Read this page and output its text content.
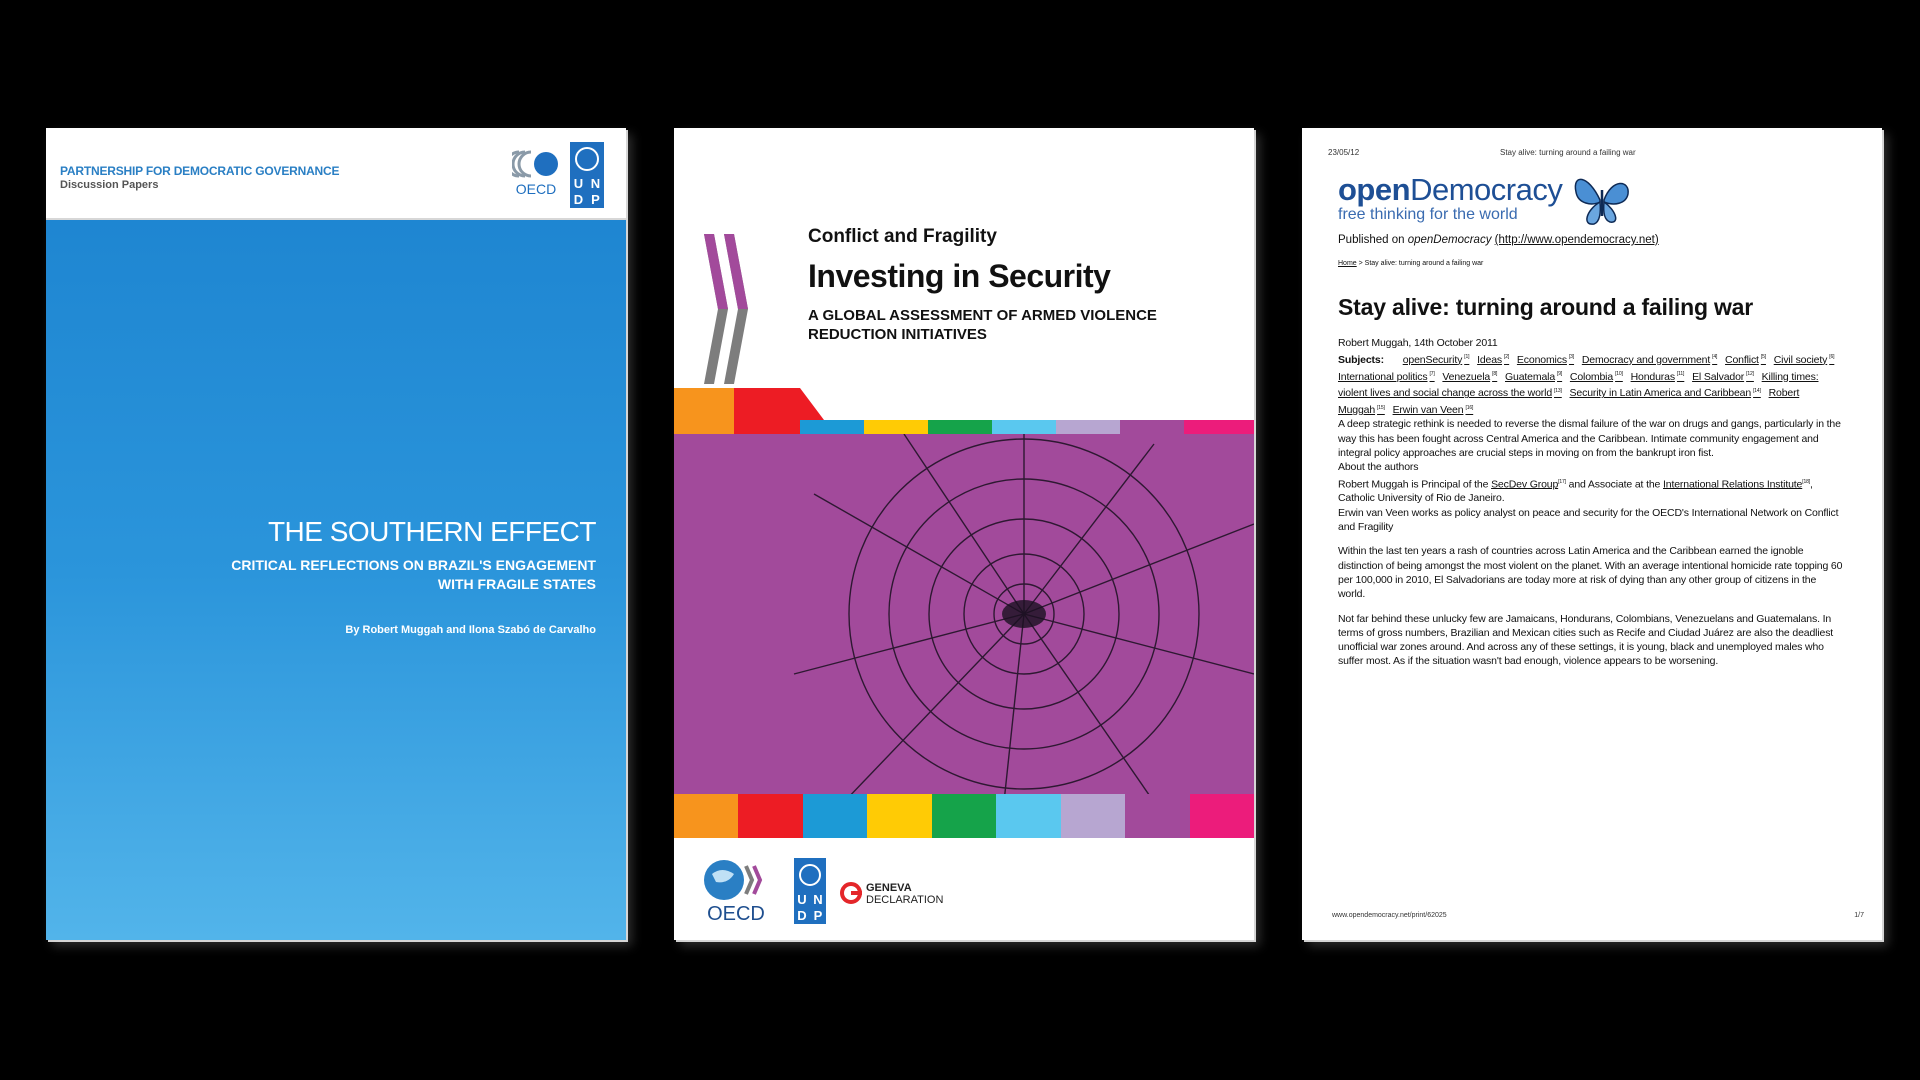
PARTNERSHIP FOR DEMOCRATIC GOVERNANCE
Discussion Papers	OECD U N
D P
THE SOUTHERN EFFECT
CRITICAL REFLECTIONS ON BRAZIL'S ENGAGEMENT WITH FRAGILE STATES
By Robert Muggah and Ilona Szabó de Carvalho
Conflict and Fragility
Investing in Security
A GLOBAL ASSESSMENT OF ARMED VIOLENCE REDUCTION INITIATIVES
OECD
U N
D P
GENEVA
DECLARATION
23/05/12	Stay alive: turning around a failing war
openDemocracy
free thinking for the world
Published on openDemocracy (http://www.opendemocracy.net)
Home > Stay alive: turning around a failing war
Stay alive: turning around a failing war

Robert Muggah, 14th October 2011

Subjects: openSecurity [1] Ideas [2] Economics [3] Democracy and government [4] Conflict [5] Civil society [6] International politics [7] Venezuela [8] Guatemala [9] Colombia [10] Honduras [11] El Salvador [12] Killing times: violent lives and social change across the world [13] Security in Latin America and Caribbean [14] Robert Muggah [15] Erwin van Veen [16]

A deep strategic rethink is needed to reverse the dismal failure of the war on drugs and gangs, particularly in the way this has been fought across Central America and the Caribbean. Intimate community engagement and integral policy approaches are crucial steps in moving on from the bankrupt iron fist.

About the authors

Robert Muggah is Principal of the SecDev Group[17] and Associate at the International Relations Institute[18], Catholic University of Rio de Janeiro.

Erwin van Veen works as policy analyst on peace and security for the OECD's International Network on Conflict and Fragility

Within the last ten years a rash of countries across Latin America and the Caribbean earned the ignoble distinction of being amongst the most violent on the planet. With an average intentional homicide rate topping 60 per 100,000 in 2010, El Salvadorians are today more at risk of dying than any other group of citizens in the world.

Not far behind these unlucky few are Jamaicans, Hondurans, Colombians, Venezuelans and Guatemalans. In terms of gross numbers, Brazilian and Mexican cities such as Recife and Ciudad Juárez are also the deadliest unofficial war zones around. And across any of these settings, it is young, black and unemployed males who suffer most. As if the situation wasn't bad enough, violence appears to be worsening.

www.opendemocracy.net/print/62025	1/7
